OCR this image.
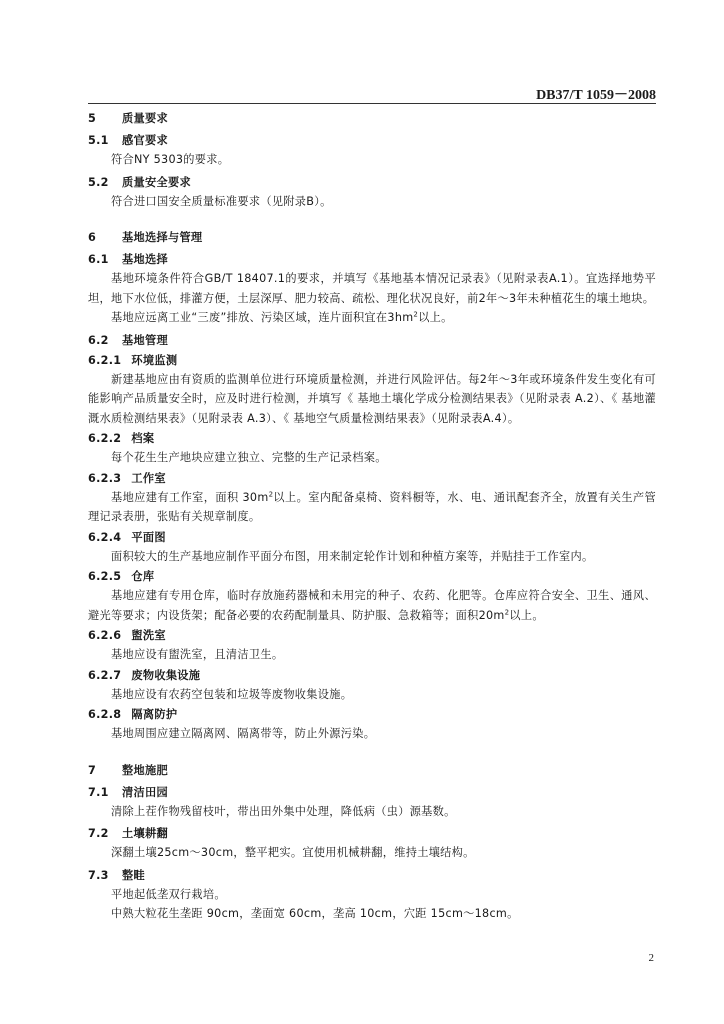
DB37/T 1059－2008
5 质量要求
5.1 感官要求
符合NY 5303的要求。
5.2 质量安全要求
符合进口国安全质量标准要求（见附录B）。
6 基地选择与管理
6.1 基地选择
基地环境条件符合GB/T 18407.1的要求，并填写《基地基本情况记录表》（见附录表A.1）。宜选择地势平坦，地下水位低，排灌方便，土层深厚、肥力较高、疏松、理化状况良好，前2年～3年未种植花生的壤土地块。
基地应远离工业“三废”排放、污染区域，连片面积宜在$3hm^2$以上。
6.2 基地管理
6.2.1 环境监测
新建基地应由有资质的监测单位进行环境质量检测，并进行风险评估。每2年～3年或环境条件发生变化有可能影响产品质量安全时，应及时进行检测，并填写《 基地土壤化学成分检测结果表》（见附录表 A.2）、《 基地灌溉水质检测结果表》（见附录表 A.3）、《 基地空气质量检测结果表》（见附录表A.4）。
6.2.2 档案
每个花生生产地块应建立独立、完整的生产记录档案。
6.2.3 工作室
基地应建有工作室，面积 $30m^2$以上。室内配备桌椅、资料橱等，水、电、通讯配套齐全，放置有关生产管理记录表册，张贴有关规章制度。
6.2.4 平面图
面积较大的生产基地应制作平面分布图，用来制定轮作计划和种植方案等，并贴挂于工作室内。
6.2.5 仓库
基地应建有专用仓库，临时存放施药器械和未用完的种子、农药、化肥等。仓库应符合安全、卫生、通风、避光等要求；内设货架；配备必要的农药配制量具、防护服、急救箱等；面积$20m^2$以上。
6.2.6 盥洗室
基地应设有盥洗室，且清洁卫生。
6.2.7 废物收集设施
基地应设有农药空包装和垃圾等废物收集设施。
6.2.8 隔离防护
基地周围应建立隔离网、隔离带等，防止外源污染。
7 整地施肥
7.1 清洁田园
清除上茬作物残留枝叶，带出田外集中处理，降低病（虫）源基数。
7.2 土壤耕翻
深翻土壤25cm～30cm，整平耙实。宜使用机械耕翻，维持土壤结构。
7.3 整畦
平地起低垄双行栽培。
中熟大粒花生垄距 90cm，垄面宽 60cm，垄高 10cm，穴距 15cm～18cm。
2
